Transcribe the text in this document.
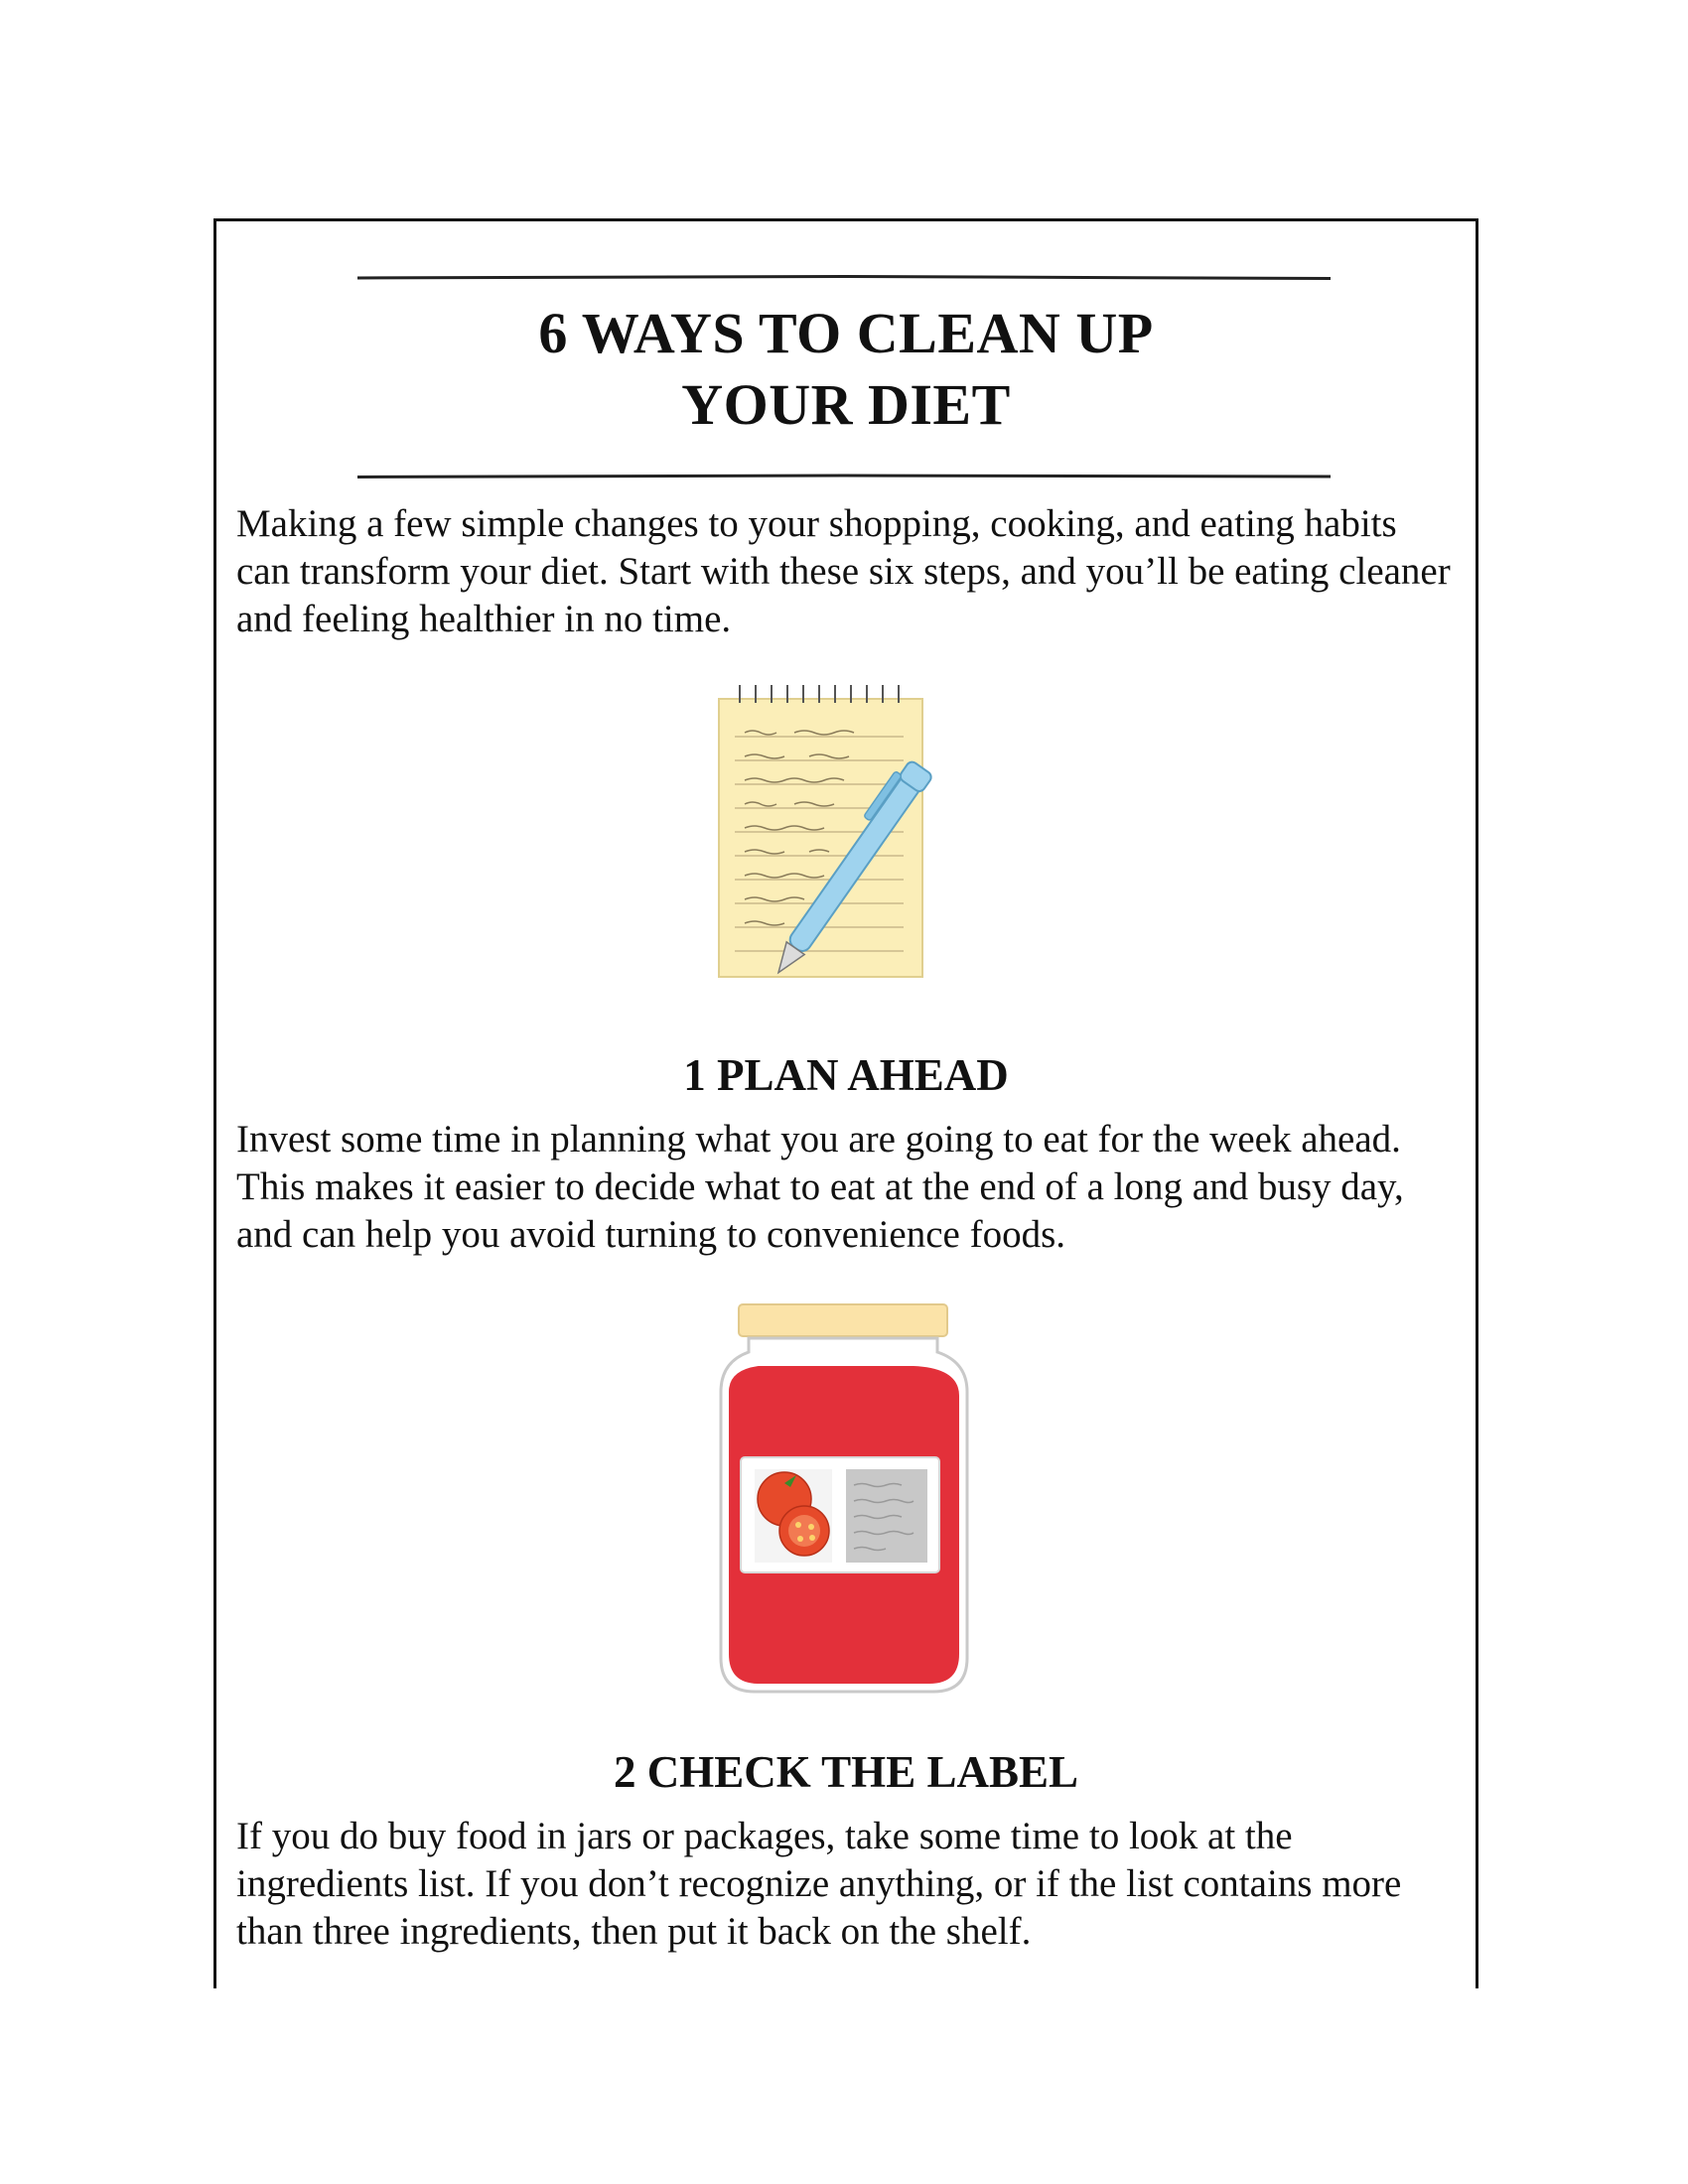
6 WAYS TO CLEAN UP
YOUR DIET

Making a few simple changes to your shopping, cooking, and eating habits can transform your diet. Start with these six steps, and you’ll be eating cleaner and feeling healthier in no time.

1 PLAN AHEAD

Invest some time in planning what you are going to eat for the week ahead. This makes it easier to decide what to eat at the end of a long and busy day, and can help you avoid turning to convenience foods.

2 CHECK THE LABEL

If you do buy food in jars or packages, take some time to look at the ingredients list. If you don’t recognize anything, or if the list contains more than three ingredients, then put it back on the shelf.
